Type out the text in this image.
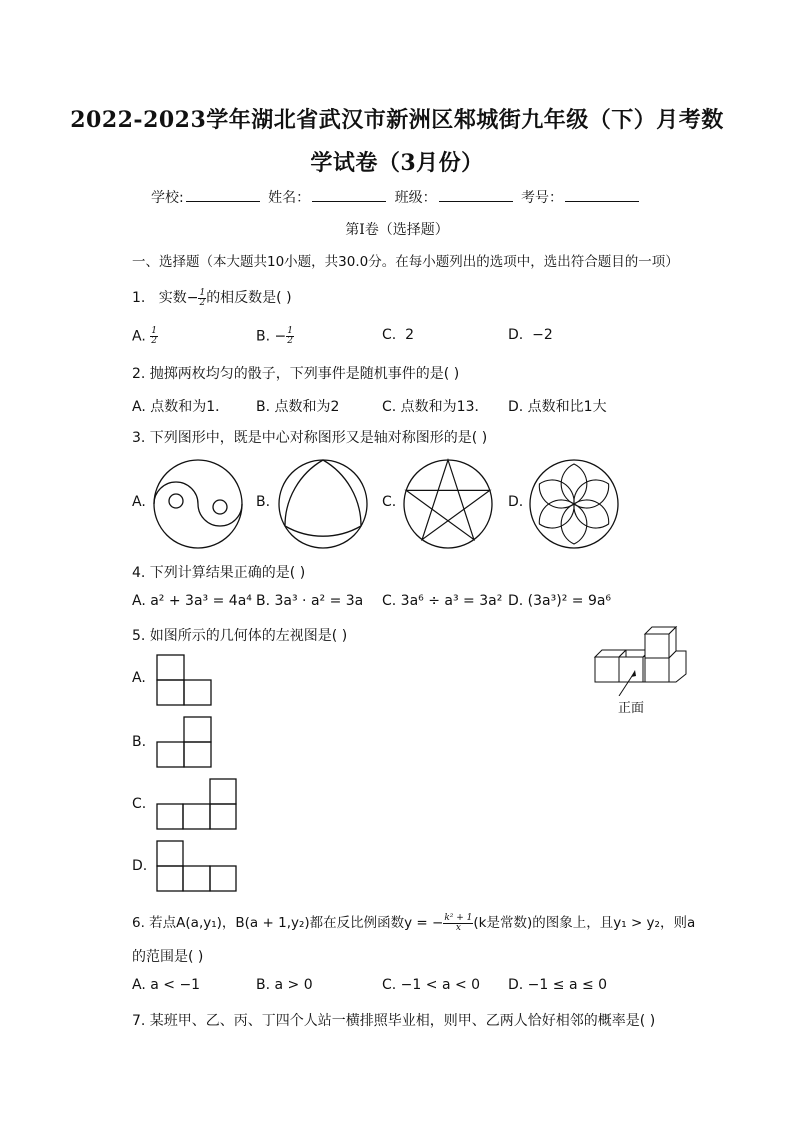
2022-2023学年湖北省武汉市新洲区邾城街九年级（下）月考数
学试卷（3月份）
学校:	姓名：	班级：	考号：
第I卷（选择题）
一、选择题（本大题共10小题，共30.0分。在每小题列出的选项中，选出符合题目的一项）
1. 实数− $\frac{1}{2}$ 的相反数是( )
A. $\frac{1}{2}$	B. − $\frac{1}{2}$	C. 2	D. −2
2. 抛掷两枚均匀的骰子，下列事件是随机事件的是( )
A. 点数和为1． B. 点数和为2	C. 点数和为13． D. 点数和比1大
3. 下列图形中，既是中心对称图形又是轴对称图形的是( )
A.	B.	C.	D.
4. 下列计算结果正确的是( )
A. a² + 3a³ = 4a⁴ B. 3a³ · a² = 3a C. 3a⁶ ÷ a³ = 3a² D. (3a³)² = 9a⁶
5. 如图所示的几何体的左视图是( )
正面
A.
B.
C.
D.
6. 若点A(a,y₁)，B(a + 1,y₂)都在反比例函数y = − $\frac{\text{k² + 1}}{x} (k$是常数)的图象上，且y₁ > y₂，则a
的范围是( )
A. a < −1	B. a > 0	C. −1 < a < 0 D. −1 ≤ a ≤ 0
7. 某班甲、乙、丙、丁四个人站一横排照毕业相，则甲、乙两人恰好相邻的概率是( )
